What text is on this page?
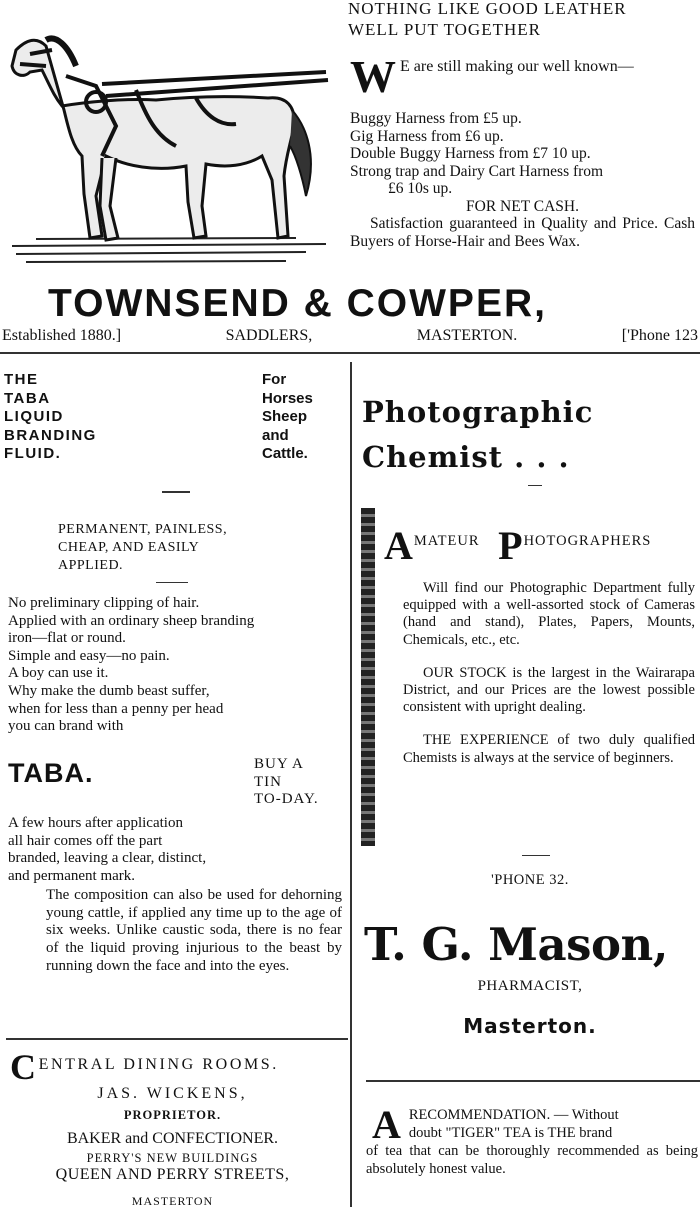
NOTHING LIKE GOOD LEATHER
WELL PUT TOGETHER
W E are still making our well known—
Buggy Harness from £5 up.
Gig Harness from £6 up.
Double Buggy Harness from £7 10 up.
Strong trap and Dairy Cart Harness from
£6 10s up.
FOR NET CASH.
Satisfaction guaranteed in Quality and Price. Cash Buyers of Horse-Hair and Bees Wax.
TOWNSEND & COWPER,
Established 1880.]	SADDLERS,	MASTERTON.	['Phone 123
THE
TABA
LIQUID
BRANDING
FLUID.
For
Horses
Sheep
and
Cattle.
PERMANENT, PAINLESS,
CHEAP, AND EASILY
APPLIED.
No preliminary clipping of hair.
Applied with an ordinary sheep branding
iron—flat or round.
Simple and easy—no pain.
A boy can use it.
Why make the dumb beast suffer,
when for less than a penny per head
you can brand with
TABA.	BUY A
TIN
TO-DAY.
A few hours after application
all hair comes off the part
branded, leaving a clear, distinct,
and permanent mark.
The composition can also be used for dehorning young cattle, if applied any time up to the age of six weeks. Unlike caustic soda, there is no fear of the liquid proving injurious to the beast by running down the face and into the eyes.
CENTRAL DINING ROOMS.
JAS. WICKENS,
PROPRIETOR.
BAKER and CONFECTIONER.
PERRY'S NEW BUILDINGS
QUEEN AND PERRY STREETS,
MASTERTON
Photographic
Chemist . . .
AMATEUR PHOTOGRAPHERS

Will find our Photographic Department fully equipped with a well-assorted stock of Cameras (hand and stand), Plates, Papers, Mounts, Chemicals, etc., etc.

OUR STOCK is the largest in the Wairarapa District, and our Prices are the lowest possible consistent with upright dealing.

THE EXPERIENCE of two duly qualified Chemists is always at the service of beginners.

'PHONE 32.
T. G. Mason,
PHARMACIST,
Masterton.
A RECOMMENDATION. — Without
doubt "TIGER" TEA is THE brand
of tea that can be thoroughly recommended as being absolutely honest value.
